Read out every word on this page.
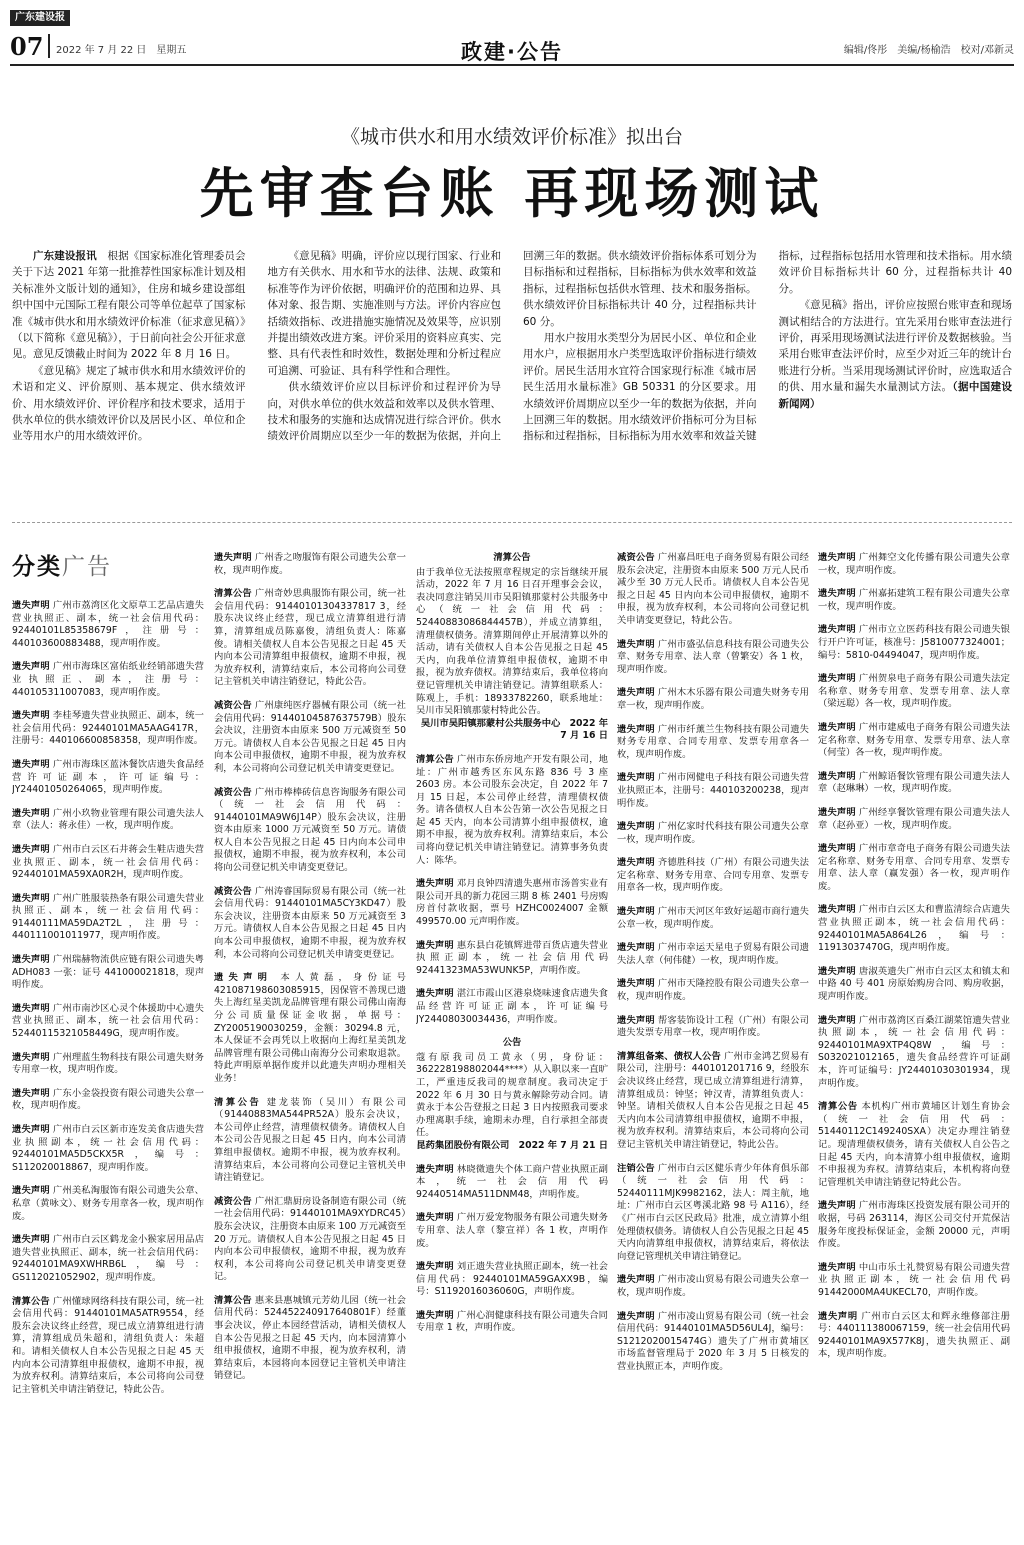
广东建设报
07 2022 年 7 月 22 日　星期五	政建·公告	编辑/佟彤　美编/杨榆浩　校对/邓新灵
《城市供水和用水绩效评价标准》拟出台
先审查台账 再现场测试

广东建设报讯　 根据《国家标准化管理委员会关于下达 2021 年第一批推荐性国家标准计划及相关标准外文版计划的通知》，住房和城乡建设部组织中国中元国际工程有限公司等单位起草了国家标准《城市供水和用水绩效评价标准（征求意见稿）》（以下简称《意见稿》），于日前向社会公开征求意见。意见反馈截止时间为 2022 年 8 月 16 日。

《意见稿》规定了城市供水和用水绩效评价的术语和定义、评价原则、基本规定、供水绩效评价、用水绩效评价、评价程序和技术要求，适用于供水单位的供水绩效评价以及居民小区、单位和企业等用水户的用水绩效评价。

《意见稿》明确，评价应以现行国家、行业和地方有关供水、用水和节水的法律、法规、政策和标准等作为评价依据，明确评价的范围和边界、具体对象、报告期、实施准则与方法。评价内容应包括绩效指标、改进措施实施情况及效果等，应识别并提出绩效改进方案。评价采用的资料应真实、完整、具有代表性和时效性，数据处理和分析过程应可追溯、可验证、具有科学性和合理性。

供水绩效评价应以目标评价和过程评价为导向，对供水单位的供水效益和效率以及供水管理、技术和服务的实施和达成情况进行综合评价。供水绩效评价周期应以至少一年的数据为依据，并向上回溯三年的数据。供水绩效评价指标体系可划分为目标指标和过程指标，目标指标为供水效率和效益指标，过程指标包括供水管理、技术和服务指标。供水绩效评价目标指标共计 40 分，过程指标共计 60 分。

用水户按用水类型分为居民小区、单位和企业用水户，应根据用水户类型选取评价指标进行绩效评价。居民生活用水宜符合国家现行标准《城市居民生活用水量标准》GB 50331 的分区要求。用水绩效评价周期应以至少一年的数据为依据，并向上回溯三年的数据。用水绩效评价指标可分为目标指标和过程指标，目标指标为用水效率和效益关键指标，过程指标包括用水管理和技术指标。用水绩效评价目标指标共计 60 分，过程指标共计 40 分。

《意见稿》指出，评价应按照台账审查和现场测试相结合的方法进行。宜先采用台账审查法进行评价，再采用现场测试法进行评价及数据核验。当采用台账审查法评价时，应至少对近三年的统计台账进行分析。当采用现场测试评价时，应选取适合的供、用水量和漏失水量测试方法。（据中国建设新闻网）

分类广告
遗失声明 广州市荔湾区化文原草工艺品店遗失营业执照正、副本，统一社会信用代码：92440101L85358679F，注册号：440103600883488，现声明作废。
遗失声明 广州市海珠区富佑纸业经销部遗失营业执照正、副本，注册号：440105311007083，现声明作废。
遗失声明 李桂琴遗失营业执照正、副本，统一社会信用代码：92440101MA5AAG417R，注册号：440106600858358，现声明作废。
遗失声明 广州市海珠区蓝沐餐饮店遗失食品经营许可证副本，许可证编号：JY24401050264065，现声明作废。
遗失声明 广州小玖物业管理有限公司遗失法人章（法人：蒋永佳）一枚，现声明作废。
遗失声明 广州市白云区石井蒋会生鞋店遗失营业执照正、副本，统一社会信用代码：92440101MA59XA0R2H，现声明作废。
遗失声明 广州广胜服装热条有限公司遗失营业执照正、副本，统一社会信用代码：91440111MA59DA2T2L，注册号：440111001011977，现声明作废。
遗失声明 广州瑞赫物流供应链有限公司遗失粤 ADH083 一张：证号 441000021818，现声明作废。
遗失声明 广州市南沙区心灵个体援助中心遗失营业执照正、副本，统一社会信用代码：52440115321058449G，现声明作废。
遗失声明 广州理蓝生物科技有限公司遗失财务专用章一枚，现声明作废。
遗失声明 广东小金袋投资有限公司遗失公章一枚，现声明作废。
遗失声明 广州市白云区新市连发美食店遗失营业执照副本，统一社会信用代码：92440101MA5D5CKX5R，编号：S112020018867，现声明作废。
遗失声明 广州美私淘服饰有限公司遗失公章、私章（黄咏文）、财务专用章各一枚，现声明作废。
遗失声明 广州市白云区鹤龙金小猴家居用品店遗失营业执照正、副本，统一社会信用代码：92440101MA9XWHRB6L，编号：GS112021052902，现声明作废。
清算公告 广州懂球网络科技有限公司，统一社会信用代码：91440101MA5ATR9554，经股东会决议终止经营，现已成立清算组进行清算，清算组成员朱超和，清组负责人：朱超和。请相关债权人自本公告见报之日起 45 天内向本公司清算组申报债权，逾期不申报，视为放弃权利。清算结束后，本公司将向公司登记主管机关申请注销登记，特此公告。
遗失声明 广州香之吻服饰有限公司遗失公章一枚，现声明作废。
清算公告 广州奇妙思典服饰有限公司，统一社会信用代码：91440101304337817 3，经股东决议终止经营，现已成立清算组进行清算，清算组成员陈嘉俊，清组负责人：陈嘉俊。请相关债权人自本公告见报之日起 45 天内向本公司清算组申报债权，逾期不申报，视为放弃权利，清算结束后，本公司将向公司登记主管机关申请注销登记，特此公告。
减资公告 广州康纯医疗器械有限公司（统一社会信用代码：91440104587637579B）股东会决议，注册资本由原来 500 万元减资至 50 万元。请债权人自本公告见报之日起 45 日内向本公司申报债权，逾期不申报，视为放弃权利，本公司将向公司登记机关申请变更登记。
减资公告 广州市棒棒砖信息咨询服务有限公司（统一社会信用代码：91440101MA9W6J14P）股东会决议，注册资本由原来 1000 万元减资至 50 万元。请债权人自本公告见报之日起 45 日内向本公司申报债权，逾期不申报，视为放弃权利，本公司将向公司登记机关申请变更登记。
减资公告 广州涛睿国际贸易有限公司（统一社会信用代码：91440101MA5CY3KD47）股东会决议，注册资本由原来 50 万元减资至 3 万元。请债权人自本公告见报之日起 45 日内向本公司申报债权，逾期不申报，视为放弃权利，本公司将向公司登记机关申请变更登记。
遗失声明 本人黄磊，身份证号 421087198603085915，因保管不善现已遗失上海红星美凯龙品牌管理有限公司佛山南海分公司质量保证金收据，单据号：ZY2005190030259，金额：30294.8 元，本人保证不会再凭以上收据向上海红星美凯龙品牌管理有限公司佛山南海分公司索取退款。特此声明原单据作废并以此遗失声明办理相关业务！
清算公告 建龙装饰（吴川）有限公司（91440883MA544PR52A）股东会决议，本公司停止经营，清理债权债务。请债权人自本公司公告见报之日起 45 日内，向本公司清算组申报债权。逾期不申报，视为放弃权利。清算结束后，本公司将向公司登记主管机关申请注销登记。
减资公告 广州汇鼎厨房设备制造有限公司（统一社会信用代码：91440101MA9XYDRC45）股东会决议，注册资本由原来 100 万元减资至 20 万元。请债权人自本公告见报之日起 45 日内向本公司申报债权，逾期不申报，视为放弃权利，本公司将向公司登记机关申请变更登记。
清算公告 惠来县惠城镇元芳幼儿园（统一社会信用代码：524452240917640801F）经董事会决议，停止本园经营活动，请相关债权人自本公告见报之日起 45 天内，向本园清算小组申报债权，逾期不申报，视为放弃权利，清算结束后，本园将向本园登记主管机关申请注销登记。
清算公告
由于我单位无法按照章程规定的宗旨继续开展活动，2022 年 7 月 16 日召开理事会会议，表决同意注销吴川市吴阳镇那蒙村公共服务中心（统一社会信用代码：52440883086844457B），并成立清算组，清理债权债务。清算期间停止开展清算以外的活动，请有关债权人自本公告见报之日起 45 天内，向我单位清算组申报债权，逾期不申报，视为放弃债权。清算结束后，我单位将向登记管理机关申请注销登记。清算组联系人：陈观上，手机：18933782260，联系地址：吴川市吴阳镇那蒙村特此公告。
吴川市吴阳镇那蒙村公共服务中心　2022 年 7 月 16 日
清算公告 广州市东侨房地产开发有限公司，地址：广州市越秀区东风东路 836 号 3 座 2603 房。本公司股东会决定，自 2022 年 7 月 15 日起，本公司停止经营，清理债权债务。请各债权人自本公告第一次公告见报之日起 45 天内，向本公司清算小组申报债权，逾期不申报，视为放弃权利。清算结束后，本公司将向登记机关申请注销登记。清算事务负责人：陈华。
遗失声明 邓月良钟四清遗失惠州市汤普实业有限公司开具的新力花园三期 8 栋 2401 号房购房首付款收据，票号 HZHC0024007 金额 499570.00 元声明作废。
遗失声明 惠东县白花镇辉进带百货店遗失营业执照正副本，统一社会信用代码 92441323MA53WUNK5P，声明作废。
遗失声明 湛江市霞山区港泉烧味速食店遗失食品经营许可证正副本，许可证编号 JY24408030034436，声明作废。
公告
蔻有原我司员工黄永（男，身份证：362228198802044****）从入职以来一直旷工，严重违反我司的规章制度。我司决定于 2022 年 6 月 30 日与黄永解除劳动合同。请黄永于本公告登报之日起 3 日内按照我司要求办理离职手续，逾期未办理，自行承担全部责任。
昆药集团股份有限公司　2022 年 7 月 21 日
遗失声明 林晓微遗失个体工商户营业执照正副本，统一社会信用代码 92440514MA511DNM48，声明作废。
遗失声明 广州万爱宠物服务有限公司遗失财务专用章、法人章（黎宣祥）各 1 枚，声明作废。
遗失声明 刘正遗失营业执照正副本，统一社会信用代码：92440101MA59GAXX9B，编号：S1192016036060G，声明作废。
遗失声明 广州心润健康科技有限公司遗失合同专用章 1 枚，声明作废。
减资公告 广州嘉昌旺电子商务贸易有限公司经股东会决定，注册资本由原来 500 万元人民币减少至 30 万元人民币。请债权人自本公告见报之日起 45 日内向本公司申报债权，逾期不申报，视为放弃权利，本公司将向公司登记机关申请变更登记，特此公告。
遗失声明 广州市盛弘信息科技有限公司遗失公章、财务专用章、法人章（曾繁安）各 1 枚，现声明作废。
遗失声明 广州木木乐器有限公司遗失财务专用章一枚，现声明作废。
遗失声明 广州市纤薰兰生物科技有限公司遗失财务专用章、合同专用章、发票专用章各一枚，现声明作废。
遗失声明 广州市网健电子科技有限公司遗失营业执照正本，注册号：440103200238，现声明作废。
遗失声明 广州亿家时代科技有限公司遗失公章一枚，现声明作废。
遗失声明 齐德胜科技（广州）有限公司遗失法定名称章、财务专用章、合同专用章、发票专用章各一枚，现声明作废。
遗失声明 广州市天河区年致好运超市商行遗失公章一枚，现声明作废。
遗失声明 广州市幸运天星电子贸易有限公司遗失法人章（何伟健）一枚，现声明作废。
遗失声明 广州市天隆控股有限公司遗失公章一枚，现声明作废。
遗失声明 帮客装饰设计工程（广州）有限公司遗失发票专用章一枚，现声明作废。
清算组备案、债权人公告 广州市金鸿艺贸易有限公司，注册号：440101201716 9，经股东会决议终止经营，现已成立清算组进行清算，清算组成员：钟坚；钟汉青，清算组负责人：钟坚。请相关债权人自本公告见报之日起 45 天内向本公司清算组申报债权，逾期不申报，视为放弃权利。清算结束后，本公司将向公司登记主管机关申请注销登记，特此公告。
注销公告 广州市白云区健乐青少年体育俱乐部（统一社会信用代码：52440111MJK9982162，法人：周主航，地址：广州市白云区粤溪北路 98 号 A116），经《广州市白云区民政局》批准，成立清算小组处理债权债务。请债权人自公告见报之日起 45 天内向清算组申报债权，清算结束后，将依法向登记管理机关申请注销登记。
遗失声明 广州市凌山贸易有限公司遗失公章一枚，现声明作废。
遗失声明 广州市凌山贸易有限公司（统一社会信用代码：91440101MA5D56UL4J，编号：S1212020015474G）遗失了广州市黄埔区市场监督管理局于 2020 年 3 月 5 日核发的营业执照正本，声明作废。
遗失声明 广州舞空文化传播有限公司遗失公章一枚，现声明作废。
遗失声明 广州嘉拓建筑工程有限公司遗失公章一枚，现声明作废。
遗失声明 广州市立立医药科技有限公司遗失银行开户许可证，核准号：J5810077324001；编号：5810-04494047，现声明作废。
遗失声明 广州贺泉电子商务有限公司遗失法定名称章、财务专用章、发票专用章、法人章（梁远聪）各一枚，现声明作废。
遗失声明 广州市建威电子商务有限公司遗失法定名称章、财务专用章、发票专用章、法人章（何莹）各一枚，现声明作废。
遗失声明 广州鲸语餐饮管理有限公司遗失法人章（赵琳琳）一枚，现声明作废。
遗失声明 广州经享餐饮管理有限公司遗失法人章（赵孙亚）一枚，现声明作废。
遗失声明 广州市章奇电子商务有限公司遗失法定名称章、财务专用章、合同专用章、发票专用章、法人章（赢发强）各一枚，现声明作废。
遗失声明 广州市白云区太和曹监清综合店遗失营业执照正副本，统一社会信用代码：92440101MA5A864L26，编号：11913037470G，现声明作废。
遗失声明 唐淑英遗失广州市白云区太和镇太和中路 40 号 401 房原始购房合同、购房收据，现声明作废。
遗失声明 广州市荔湾区百桑江湖菜馆遗失营业执照副本，统一社会信用代码：92440101MA9XTP4Q8W，编号：S032021012165，遗失食品经营许可证副本，许可证编号：JY24401030301934，现声明作废。
清算公告 本机构广州市黄埔区计划生育协会（统一社会信用代码：51440112C149240SXA）决定办理注销登记。现清理债权债务，请有关债权人自公告之日起 45 天内，向本清算小组申报债权，逾期不申报视为弃权。清算结束后，本机构将向登记管理机关申请注销登记特此公告。
遗失声明 广州市海珠区投资发展有限公司开的收据，号码 263114，海区公司交付开荒保洁服务年度投标保证金，金额 20000 元，声明作废。
遗失声明 中山市乐土礼赞贸易有限公司遗失营业执照正副本，统一社会信用代码 91442000MA4UKECL70，声明作废。
遗失声明 广州市白云区太和辉永维修部注册号：440111380067159，统一社会信用代码 92440101MA9X577K8J，遗失执照正、副本，现声明作废。
